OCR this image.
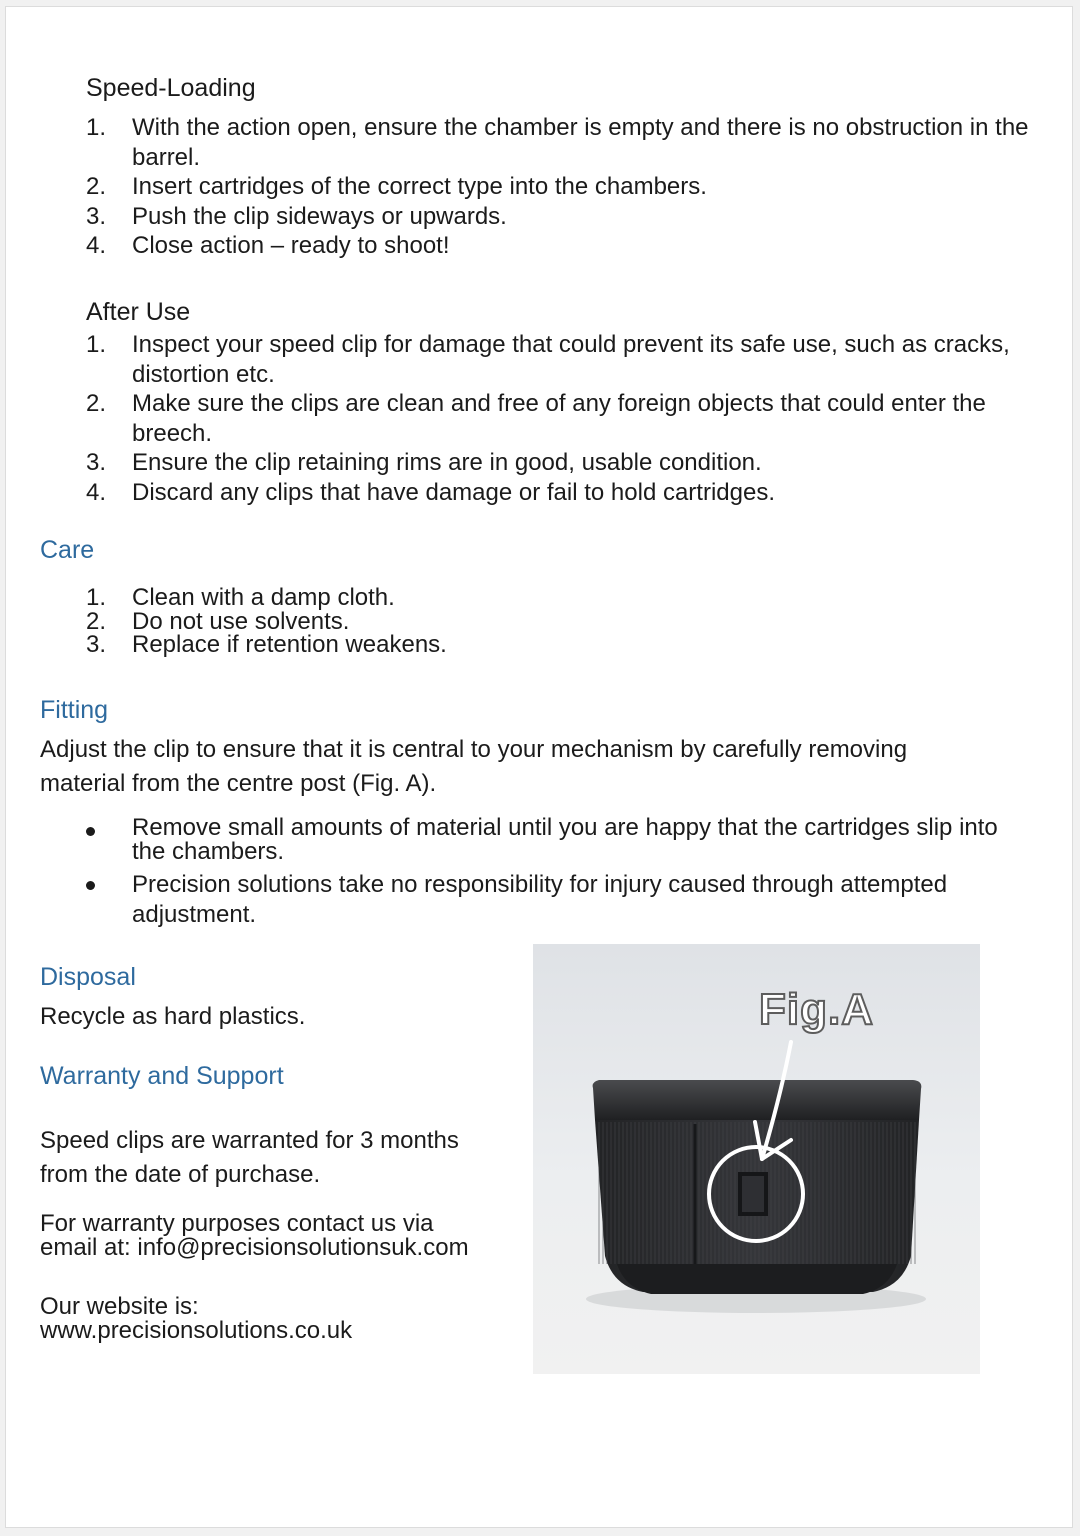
Speed-Loading
1.	With the action open, ensure the chamber is empty and there is no obstruction in the barrel.
2.	Insert cartridges of the correct type into the chambers.
3.	Push the clip sideways or upwards.
4.	Close action – ready to shoot!
After Use
1.	Inspect your speed clip for damage that could prevent its safe use, such as cracks, distortion etc.
2.	Make sure the clips are clean and free of any foreign objects that could enter the breech.
3.	Ensure the clip retaining rims are in good, usable condition.
4.	Discard any clips that have damage or fail to hold cartridges.
Care
1.	Clean with a damp cloth.
2.	Do not use solvents.
3.	Replace if retention weakens.
Fitting
Adjust the clip to ensure that it is central to your mechanism by carefully removing material from the centre post (Fig. A).
Remove small amounts of material until you are happy that the cartridges slip into the chambers.
Precision solutions take no responsibility for injury caused through attempted adjustment.
Disposal
Recycle as hard plastics.
Warranty and Support
Speed clips are warranted for 3 months from the date of purchase.
For warranty purposes contact us via
email at: info@precisionsolutionsuk.com
Our website is:
www.precisionsolutions.co.uk
Fig.A
